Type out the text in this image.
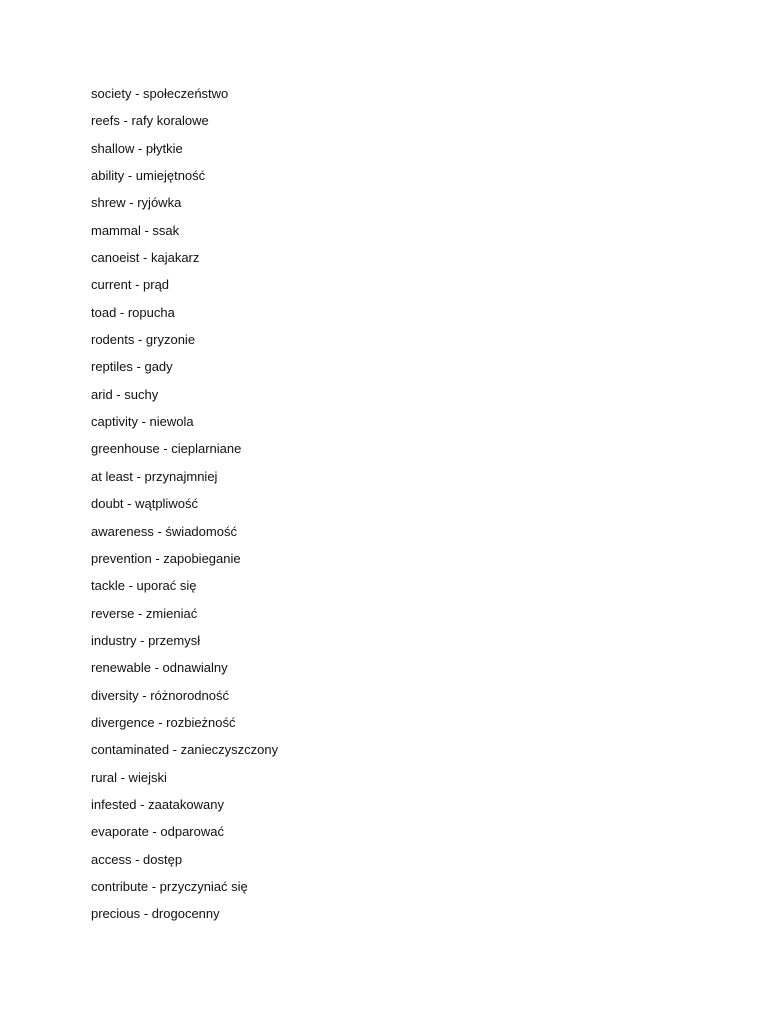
society - społeczeństwo
reefs - rafy koralowe
shallow - płytkie
ability - umiejętność
shrew - ryjówka
mammal - ssak
canoeist - kajakarz
current - prąd
toad - ropucha
rodents - gryzonie
reptiles - gady
arid - suchy
captivity - niewola
greenhouse - cieplarniane
at least - przynajmniej
doubt - wątpliwość
awareness - świadomość
prevention - zapobieganie
tackle - uporać się
reverse - zmieniać
industry - przemysł
renewable - odnawialny
diversity - różnorodność
divergence - rozbieżność
contaminated - zanieczyszczony
rural - wiejski
infested - zaatakowany
evaporate - odparować
access - dostęp
contribute - przyczyniać się
precious - drogocenny
